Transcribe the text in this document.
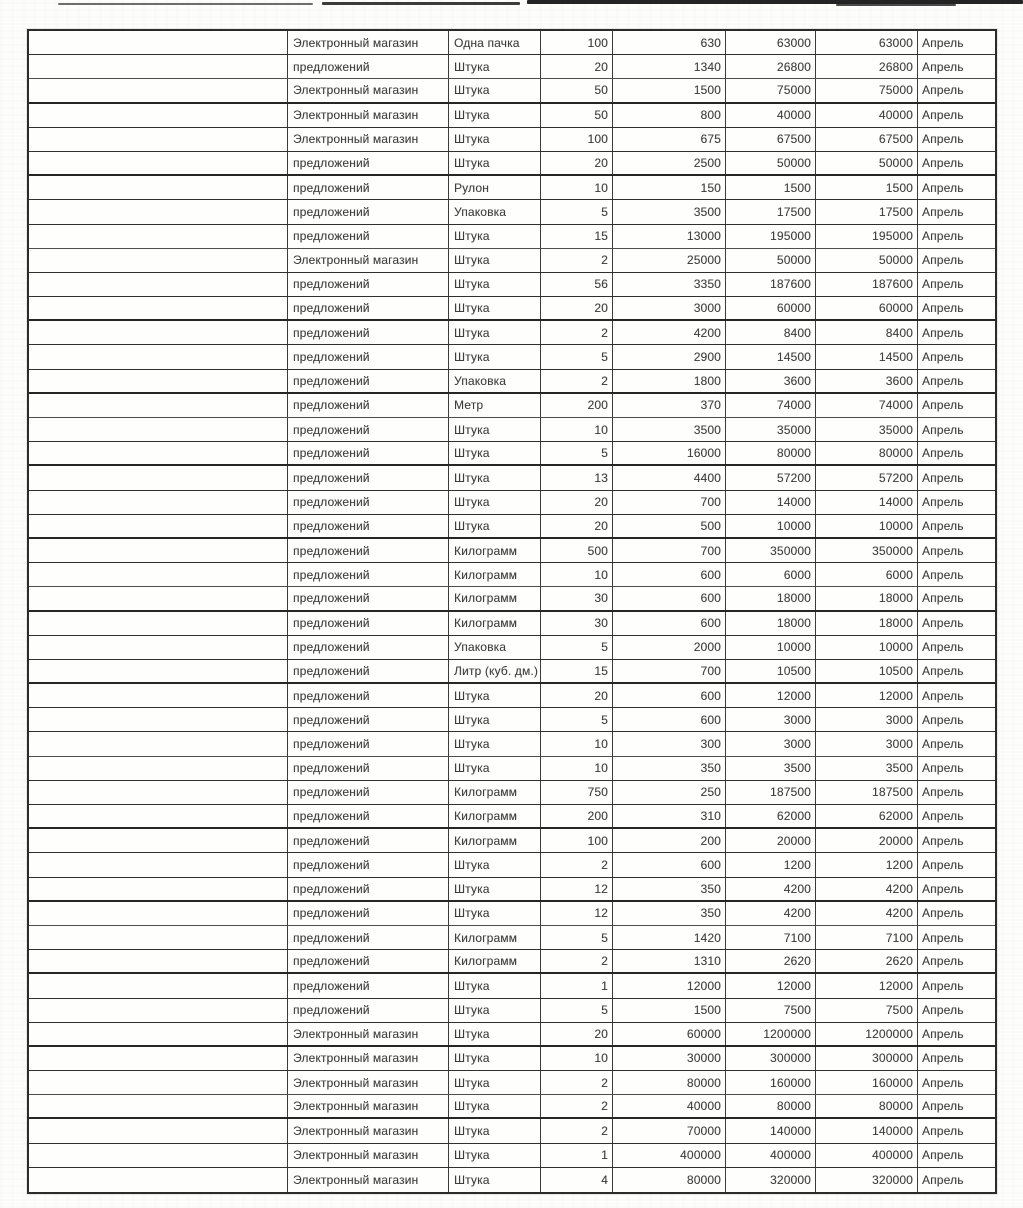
Электронный магазин	Одна пачка	100	630	63000	63000 Апрель
предложений	Штука	20	1340	26800	26800 Апрель
Электронный магазин	Штука	50	1500	75000	75000 Апрель
Электронный магазин	Штука	50	800	40000	40000 Апрель
Электронный магазин	Штука	100	675	67500	67500 Апрель
предложений	Штука	20	2500	50000	50000 Апрель
предложений	Рулон	10	150	1500	1500 Апрель
предложений	Упаковка	5	3500	17500	17500 Апрель
предложений	Штука	15	13000	195000	195000 Апрель
Электронный магазин	Штука	2	25000	50000	50000 Апрель
предложений	Штука	56	3350	187600	187600 Апрель
предложений	Штука	20	3000	60000	60000 Апрель
предложений	Штука	2	4200	8400	8400 Апрель
предложений	Штука	5	2900	14500	14500 Апрель
предложений	Упаковка	2	1800	3600	3600 Апрель
предложений	Метр	200	370	74000	74000 Апрель
предложений	Штука	10	3500	35000	35000 Апрель
предложений	Штука	5	16000	80000	80000 Апрель
предложений	Штука	13	4400	57200	57200 Апрель
предложений	Штука	20	700	14000	14000 Апрель
предложений	Штука	20	500	10000	10000 Апрель
предложений	Килограмм	500	700	350000	350000 Апрель
предложений	Килограмм	10	600	6000	6000 Апрель
предложений	Килограмм	30	600	18000	18000 Апрель
предложений	Килограмм	30	600	18000	18000 Апрель
предложений	Упаковка	5	2000	10000	10000 Апрель
предложений	Литр (куб. дм.)	15	700	10500	10500 Апрель
предложений	Штука	20	600	12000	12000 Апрель
предложений	Штука	5	600	3000	3000 Апрель
предложений	Штука	10	300	3000	3000 Апрель
предложений	Штука	10	350	3500	3500 Апрель
предложений	Килограмм	750	250	187500	187500 Апрель
предложений	Килограмм	200	310	62000	62000 Апрель
предложений	Килограмм	100	200	20000	20000 Апрель
предложений	Штука	2	600	1200	1200 Апрель
предложений	Штука	12	350	4200	4200 Апрель
предложений	Штука	12	350	4200	4200 Апрель
предложений	Килограмм	5	1420	7100	7100 Апрель
предложений	Килограмм	2	1310	2620	2620 Апрель
предложений	Штука	1	12000	12000	12000 Апрель
предложений	Штука	5	1500	7500	7500 Апрель
Электронный магазин	Штука	20	60000	1200000	1200000 Апрель
Электронный магазин	Штука	10	30000	300000	300000 Апрель
Электронный магазин	Штука	2	80000	160000	160000 Апрель
Электронный магазин	Штука	2	40000	80000	80000 Апрель
Электронный магазин	Штука	2	70000	140000	140000 Апрель
Электронный магазин	Штука	1	400000	400000	400000 Апрель
Электронный магазин	Штука	4	80000	320000	320000 Апрель
